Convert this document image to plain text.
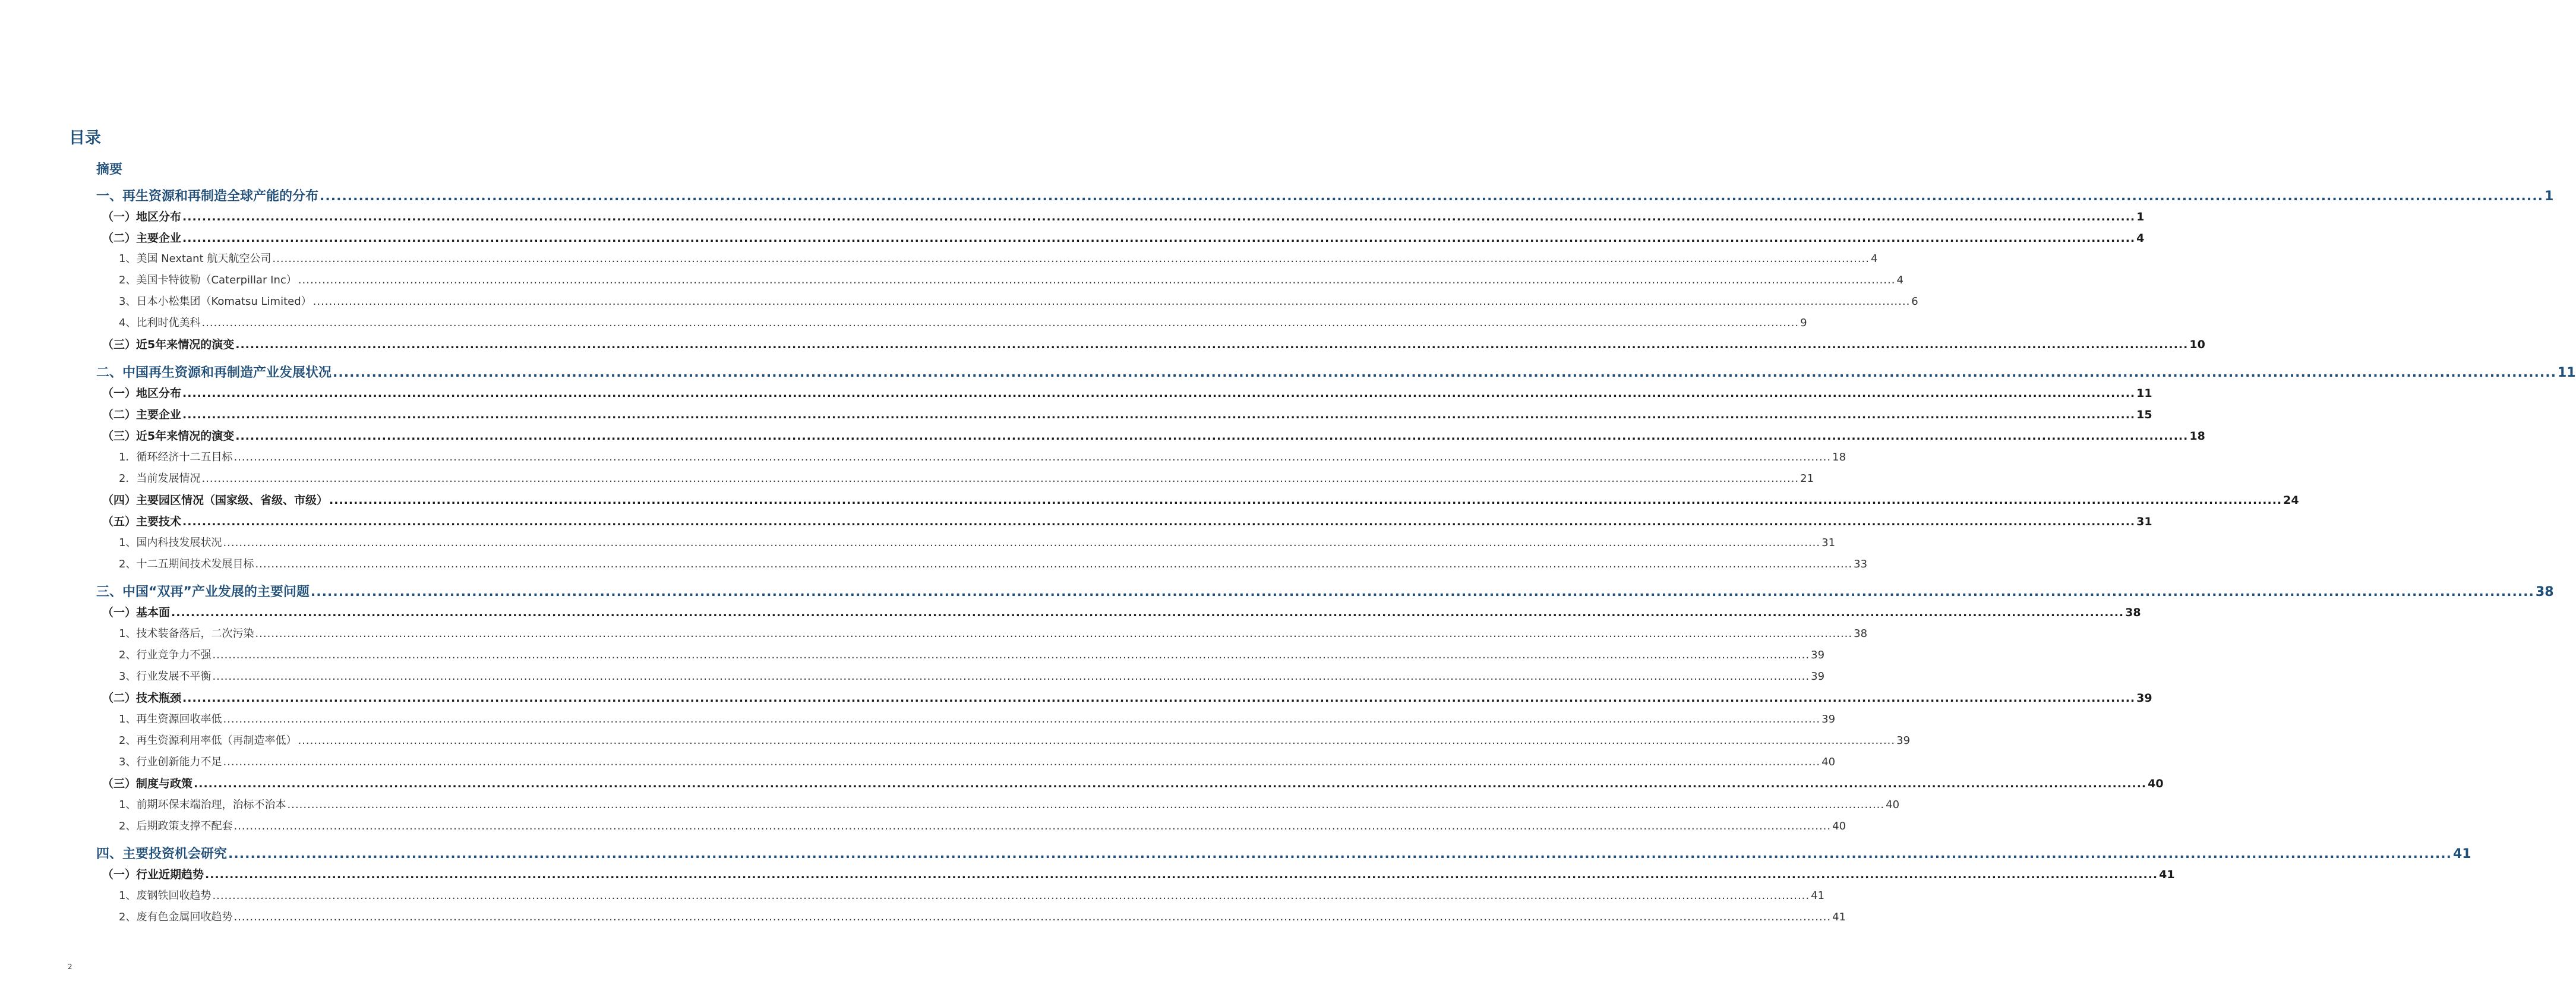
目录
摘要
一、再生资源和再制造全球产能的分布 ................................................................................................................................................................................................................................................................................................................................................................................................................ 1
（一）地区分布 ................................................................................................................................................................................................................................................................................................................................................................................................................ 1
（二）主要企业 ................................................................................................................................................................................................................................................................................................................................................................................................................ 4
1、美国 Nextant 航天航空公司 ................................................................................................................................................................................................................................................................................................................................................................................................................ 4
2、美国卡特彼勒（Caterpillar Inc） ................................................................................................................................................................................................................................................................................................................................................................................................................ 4
3、日本小松集团（Komatsu Limited） ................................................................................................................................................................................................................................................................................................................................................................................................................ 6
4、比利时优美科 ................................................................................................................................................................................................................................................................................................................................................................................................................ 9
（三）近5年来情况的演变 ................................................................................................................................................................................................................................................................................................................................................................................................................ 10
二、中国再生资源和再制造产业发展状况 ................................................................................................................................................................................................................................................................................................................................................................................................................ 11
（一）地区分布 ................................................................................................................................................................................................................................................................................................................................................................................................................ 11
（二）主要企业 ................................................................................................................................................................................................................................................................................................................................................................................................................ 15
（三）近5年来情况的演变 ................................................................................................................................................................................................................................................................................................................................................................................................................ 18
1．循环经济十二五目标 ................................................................................................................................................................................................................................................................................................................................................................................................................ 18
2．当前发展情况 ................................................................................................................................................................................................................................................................................................................................................................................................................ 21
（四）主要园区情况（国家级、省级、市级） ................................................................................................................................................................................................................................................................................................................................................................................................................ 24
（五）主要技术 ................................................................................................................................................................................................................................................................................................................................................................................................................ 31
1、国内科技发展状况 ................................................................................................................................................................................................................................................................................................................................................................................................................ 31
2、十二五期间技术发展目标 ................................................................................................................................................................................................................................................................................................................................................................................................................ 33
三、中国“双再”产业发展的主要问题 ................................................................................................................................................................................................................................................................................................................................................................................................................ 38
（一）基本面 ................................................................................................................................................................................................................................................................................................................................................................................................................ 38
1、技术装备落后，二次污染 ................................................................................................................................................................................................................................................................................................................................................................................................................ 38
2、行业竞争力不强 ................................................................................................................................................................................................................................................................................................................................................................................................................ 39
3、行业发展不平衡 ................................................................................................................................................................................................................................................................................................................................................................................................................ 39
（二）技术瓶颈 ................................................................................................................................................................................................................................................................................................................................................................................................................ 39
1、再生资源回收率低 ................................................................................................................................................................................................................................................................................................................................................................................................................ 39
2、再生资源利用率低（再制造率低） ................................................................................................................................................................................................................................................................................................................................................................................................................ 39
3、行业创新能力不足 ................................................................................................................................................................................................................................................................................................................................................................................................................ 40
（三）制度与政策 ................................................................................................................................................................................................................................................................................................................................................................................................................ 40
1、前期环保末端治理，治标不治本 ................................................................................................................................................................................................................................................................................................................................................................................................................ 40
2、后期政策支撑不配套 ................................................................................................................................................................................................................................................................................................................................................................................................................ 40
四、主要投资机会研究 ................................................................................................................................................................................................................................................................................................................................................................................................................ 41
（一）行业近期趋势 ................................................................................................................................................................................................................................................................................................................................................................................................................ 41
1、废钢铁回收趋势 ................................................................................................................................................................................................................................................................................................................................................................................................................ 41
2、废有色金属回收趋势 ................................................................................................................................................................................................................................................................................................................................................................................................................ 41
2
